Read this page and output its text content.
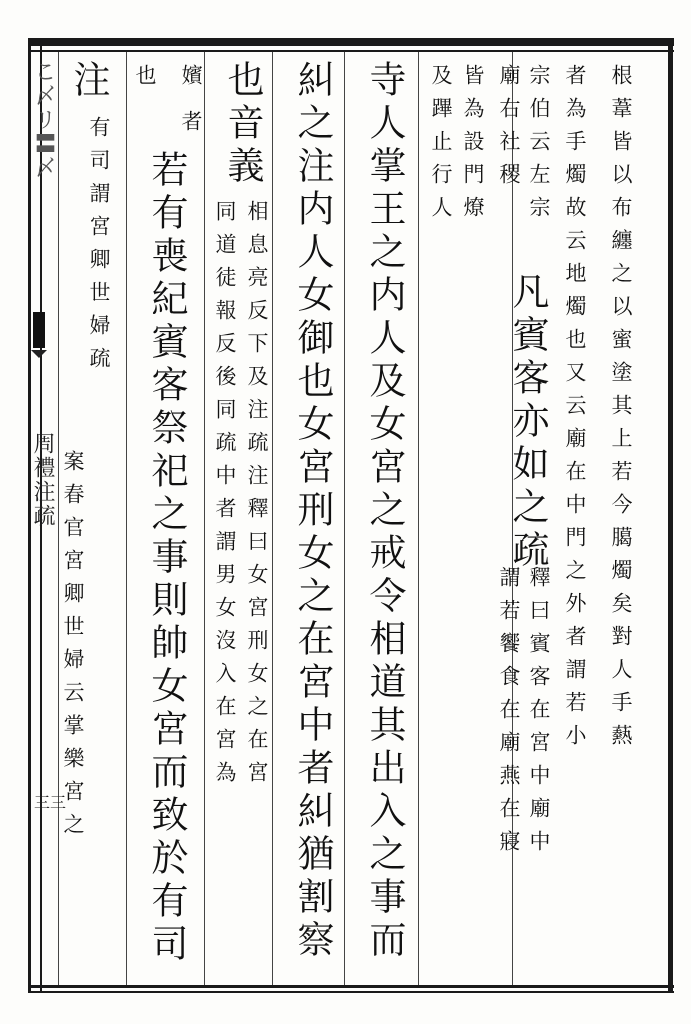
こ〆リ〓〆
周禮注疏
三三
根葦皆以布纏之以蜜塗其上若今臈燭矣對人手爇
者為手燭故云地燭也又云廟在中門之外者謂若小
宗伯云左宗
廟右社稷
凡賓客亦如之疏
釋曰賓客在宮中廟中
謂若饗食在廟燕在寢
皆為設門燎
及蹕止行人
寺人掌王之内人及女宮之戒令相道其出入之事而
糾之注内人女御也女宮刑女之在宮中者糾猶割察
也音義
相息亮反下及注疏注釋曰女宮刑女之在宮
同道徒報反後同疏中者謂男女沒入在宮為
嬪
者
若有喪紀賓客祭祀之事則帥女宮而致於有司
也
注
有司謂宮卿世婦疏
案春官宮卿世婦云掌樂宮之
